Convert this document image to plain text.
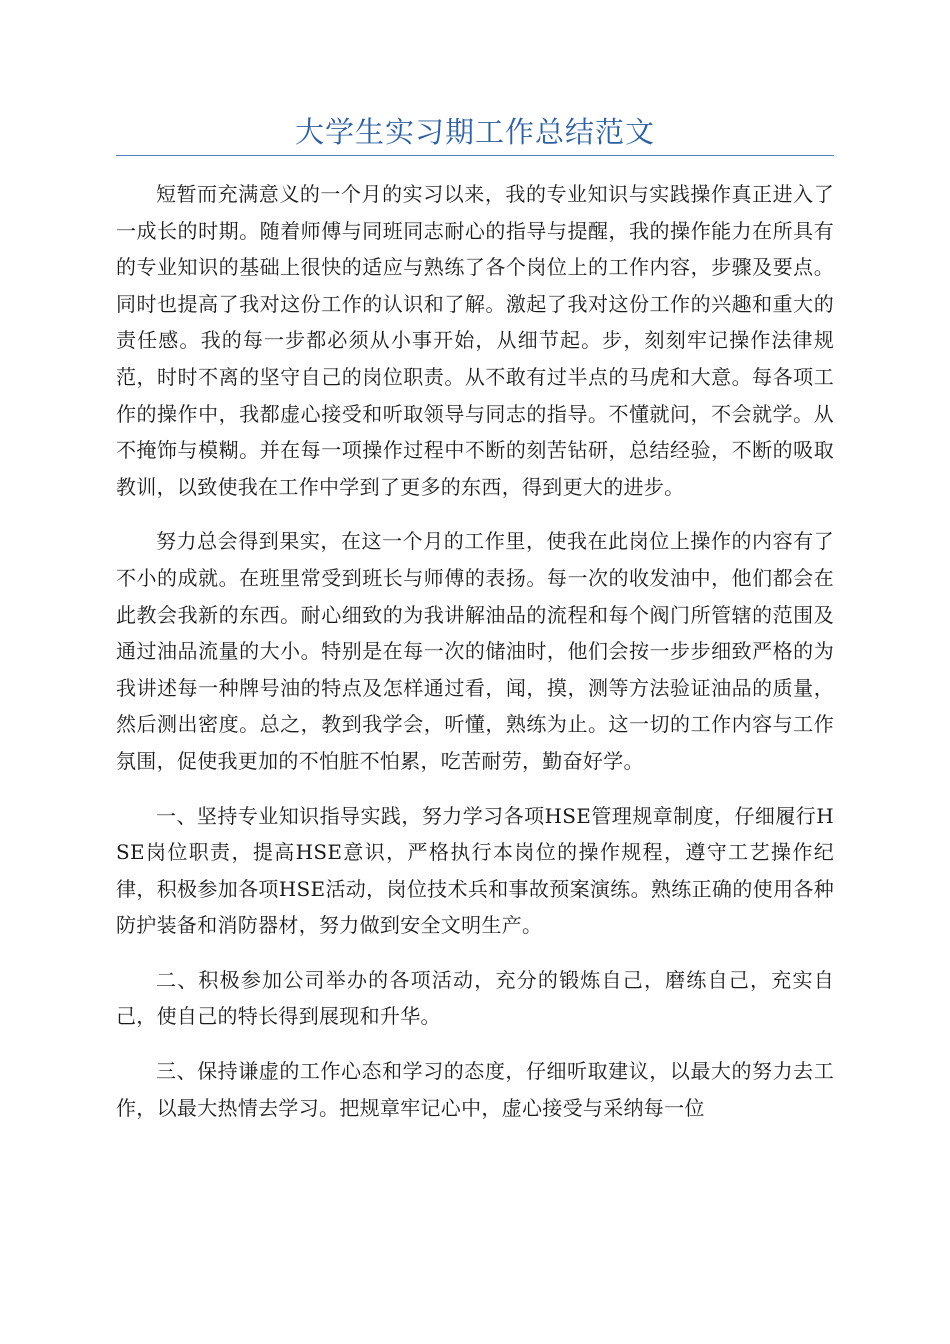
大学生实习期工作总结范文

短暂而充满意义的一个月的实习以来，我的专业知识与实践操作真正进入了一成长的时期。随着师傅与同班同志耐心的指导与提醒，我的操作能力在所具有的专业知识的基础上很快的适应与熟练了各个岗位上的工作内容，步骤及要点。同时也提高了我对这份工作的认识和了解。激起了我对这份工作的兴趣和重大的责任感。我的每一步都必须从小事开始，从细节起。步，刻刻牢记操作法律规范，时时不离的坚守自己的岗位职责。从不敢有过半点的马虎和大意。每各项工作的操作中，我都虚心接受和听取领导与同志的指导。不懂就问，不会就学。从不掩饰与模糊。并在每一项操作过程中不断的刻苦钻研，总结经验，不断的吸取教训，以致使我在工作中学到了更多的东西，得到更大的进步。

努力总会得到果实，在这一个月的工作里，使我在此岗位上操作的内容有了不小的成就。在班里常受到班长与师傅的表扬。每一次的收发油中，他们都会在此教会我新的东西。耐心细致的为我讲解油品的流程和每个阀门所管辖的范围及通过油品流量的大小。特别是在每一次的储油时，他们会按一步步细致严格的为我讲述每一种牌号油的特点及怎样通过看，闻，摸，测等方法验证油品的质量，然后测出密度。总之，教到我学会，听懂，熟练为止。这一切的工作内容与工作氛围，促使我更加的不怕脏不怕累，吃苦耐劳，勤奋好学。

一、坚持专业知识指导实践，努力学习各项HSE管理规章制度，仔细履行HSE岗位职责，提高HSE意识，严格执行本岗位的操作规程，遵守工艺操作纪律，积极参加各项HSE活动，岗位技术兵和事故预案演练。熟练正确的使用各种防护装备和消防器材，努力做到安全文明生产。

二、积极参加公司举办的各项活动，充分的锻炼自己，磨练自己，充实自己，使自己的特长得到展现和升华。

三、保持谦虚的工作心态和学习的态度，仔细听取建议，以最大的努力去工作，以最大热情去学习。把规章牢记心中，虚心接受与采纳每一位
